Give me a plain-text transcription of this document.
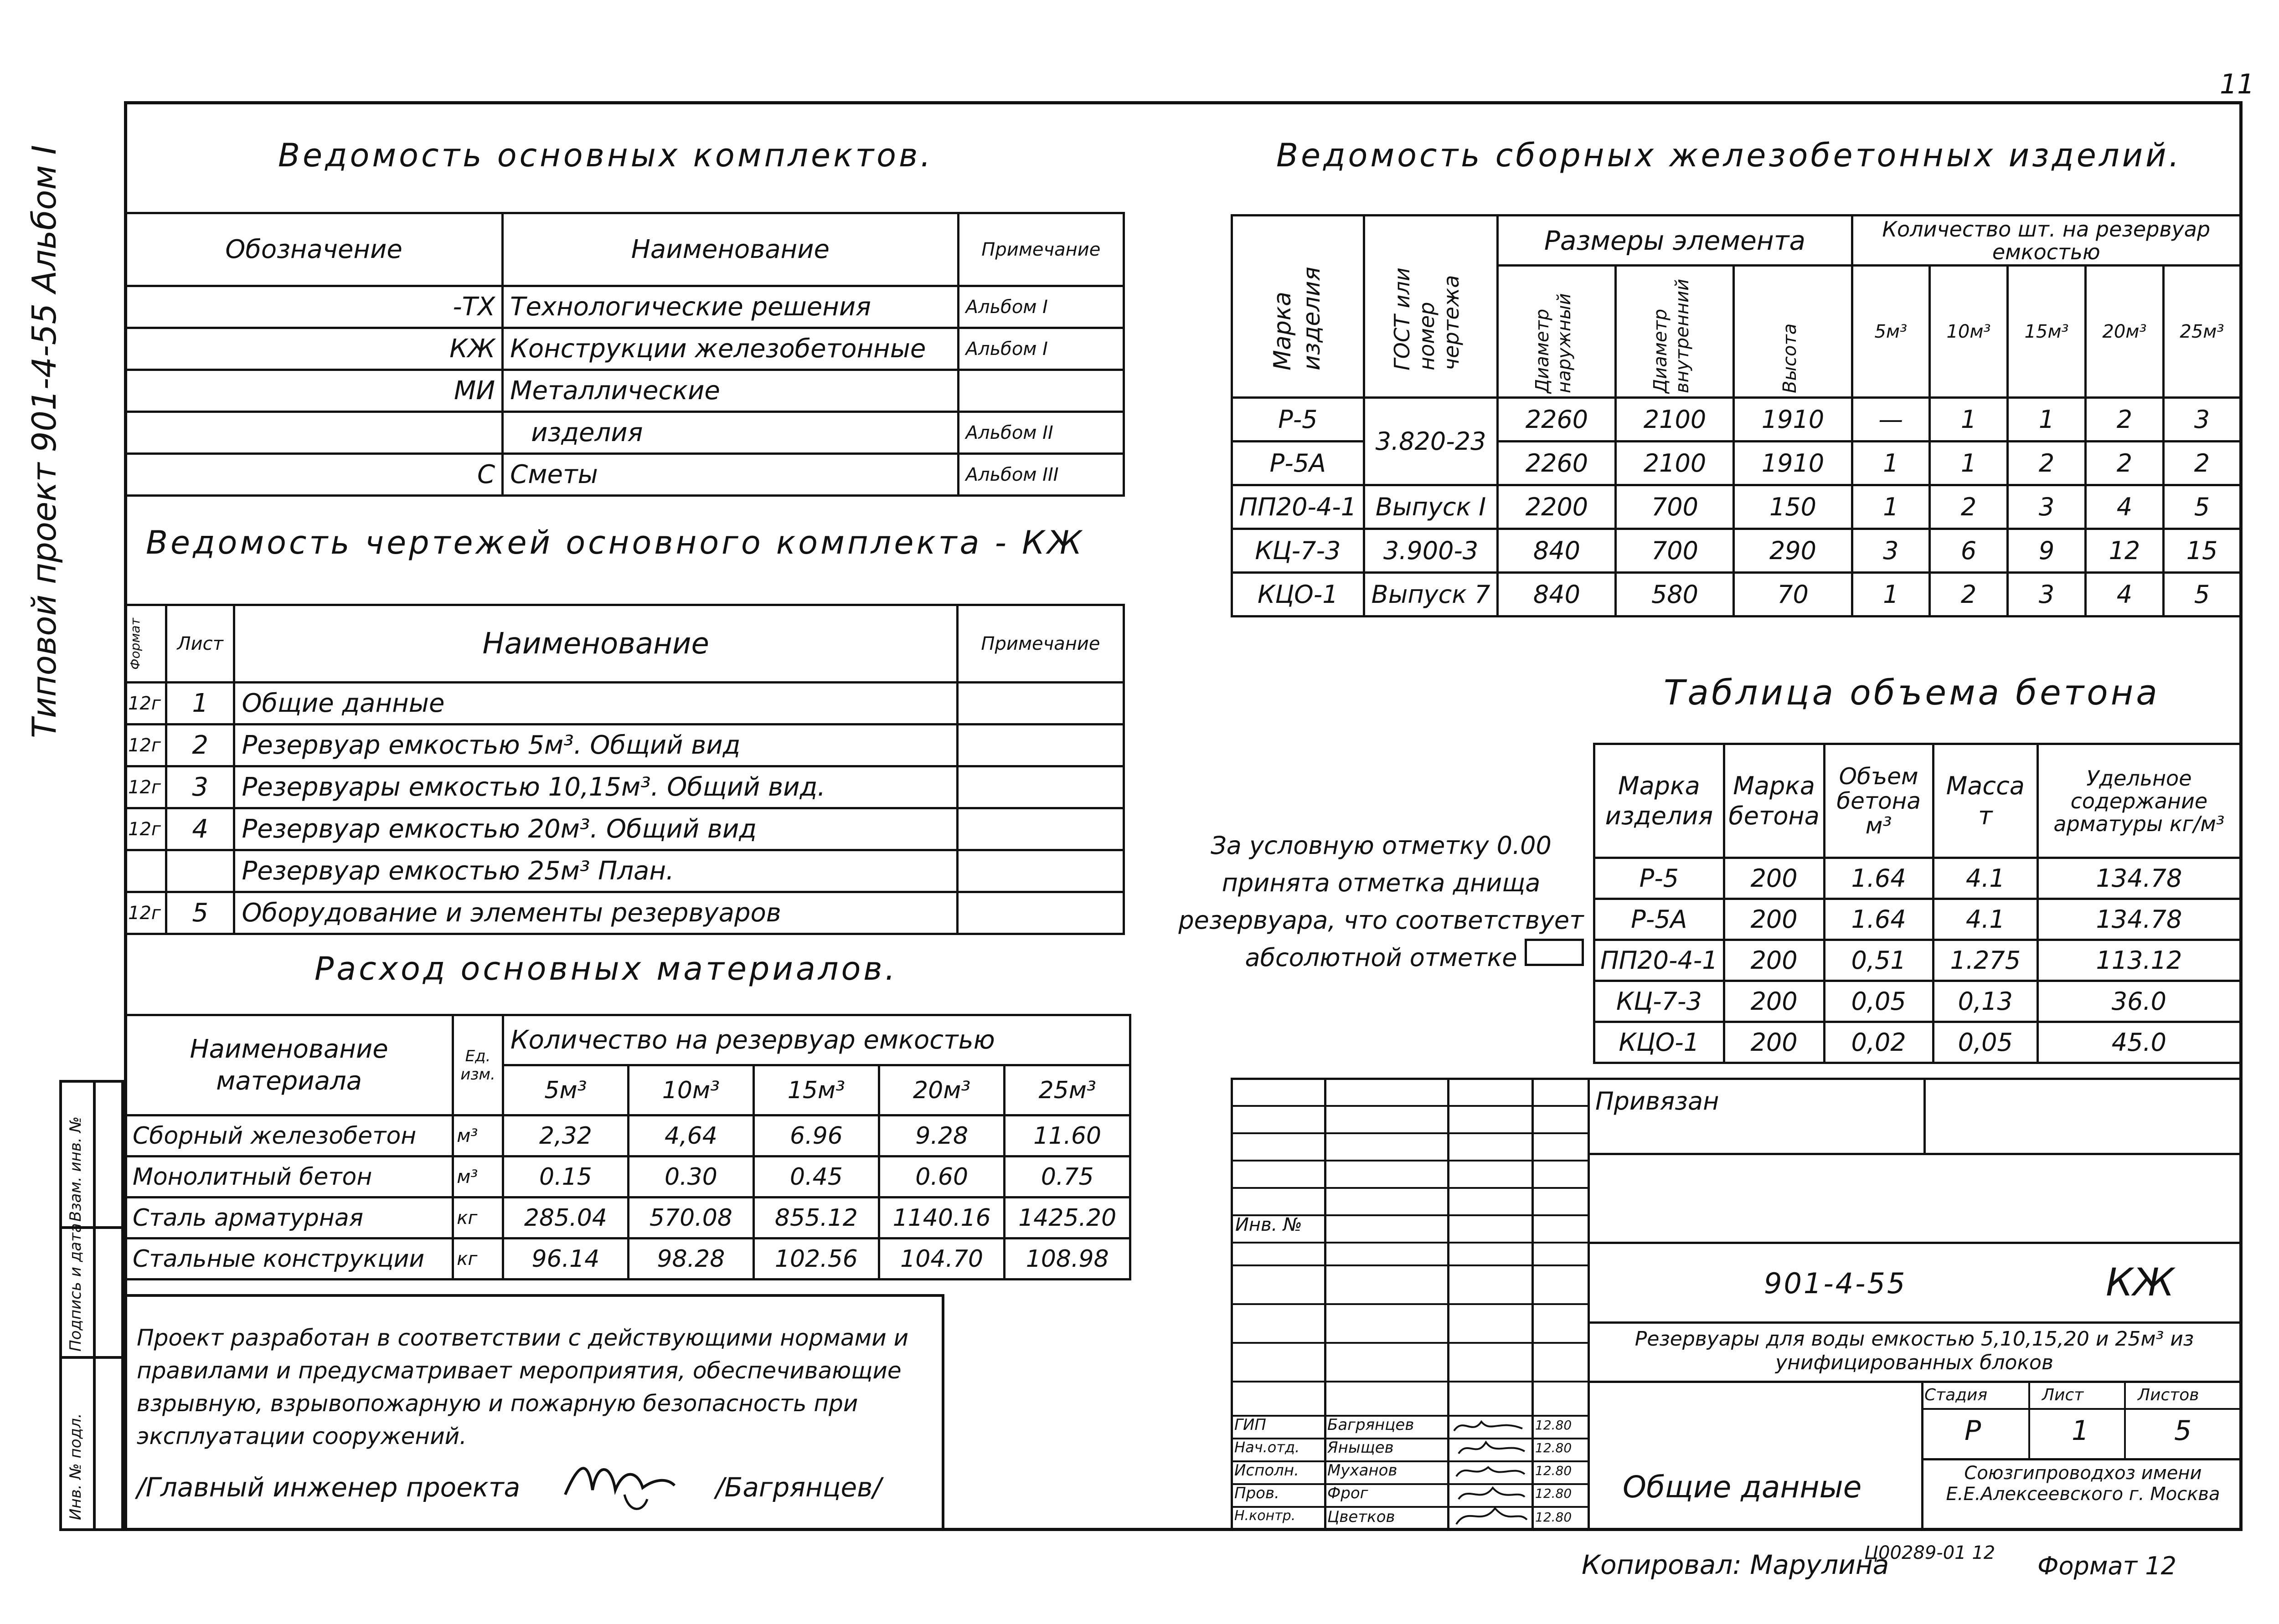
11
Типовой проект 901-4-55 Альбом I
Инв. № подл.
Подпись и дата
Взам. инв. №
Ведомость основных комплектов.
Обозначение	Наименование	Примечание
-ТХ	Технологические решения	Альбом I
КЖ	Конструкции железобетонные	Альбом I
МИ	Металлические	
	изделия	Альбом II
С	Сметы	Альбом III
Ведомость чертежей основного комплекта - КЖ
Формат	Лист	Наименование	Примечание
12г	1	Общие данные	
12г	2	Резервуар емкостью 5м³. Общий вид	
12г	3	Резервуары емкостью 10,15м³. Общий вид.	
12г	4	Резервуар емкостью 20м³. Общий вид	
		Резервуар емкостью 25м³ План.	
12г	5	Оборудование и элементы резервуаров	
Расход основных материалов.
Наименование материала	Ед. изм.	Количество на резервуар емкостью				
		5м³	10м³	15м³	20м³	25м³
Сборный железобетон	м³	2,32	4,64	6.96	9.28	11.60
Монолитный бетон	м³	0.15	0.30	0.45	0.60	0.75
Сталь арматурная	кг	285.04	570.08	855.12	1140.16	1425.20
Стальные конструкции	кг	96.14	98.28	102.56	104.70	108.98
Проект разработан в соответствии с действующими нормами и правилами и предусматривает мероприятия, обеспечивающие взрывную, взрывопожарную и пожарную безопасность при эксплуатации сооружений.
/Главный инженер проекта	/Багрянцев/
Ведомость сборных железобетонных изделий.
Марка изделия	ГОСТ или номер чертежа	Размеры элемента			Количество шт. на резервуар емкостью				

		Диаметр наружный	Диаметр внутренний	Высота	5м³	10м³	15м³	20м³	25м³
Р-5	3.820-23	2260	2100	1910	—	1	1	2	3
Р-5А		2260	2100	1910	1	1	2	2	2
ПП20-4-1	Выпуск I	2200	700	150	1	2	3	4	5
КЦ-7-3	3.900-3	840	700	290	3	6	9	12	15
КЦО-1	Выпуск 7	840	580	70	1	2	3	4	5
Таблица объема бетона
Марка изделия	Марка бетона	Объем бетона м³	Масса т	Удельное содержание арматуры кг/м³
Р-5	200	1.64	4.1	134.78
Р-5А	200	1.64	4.1	134.78
ПП20-4-1	200	0,51	1.275	113.12
КЦ-7-3	200	0,05	0,13	36.0
КЦО-1	200	0,02	0,05	45.0
За условную отметку 0.00 принята отметка днища резервуара, что соответствует абсолютной отметке
Инв. №
ГИП	Багрянцев	12.80
Нач.отд. Яныщев	12.80
Исполн. Муханов	12.80
Пров.	Фрог	12.80
Н.контр. Цветков	12.80
Привязан
901-4-55	КЖ
Резервуары для воды емкостью 5,10,15,20 и 25м³ из унифицированных блоков
Стадия	Лист	Листов
Р	1	5
Общие данные	Союзгипроводхоз имени Е.Е.Алексеевского г. Москва
Копировал: Марулина
Ц00289-01 12 Формат 12
